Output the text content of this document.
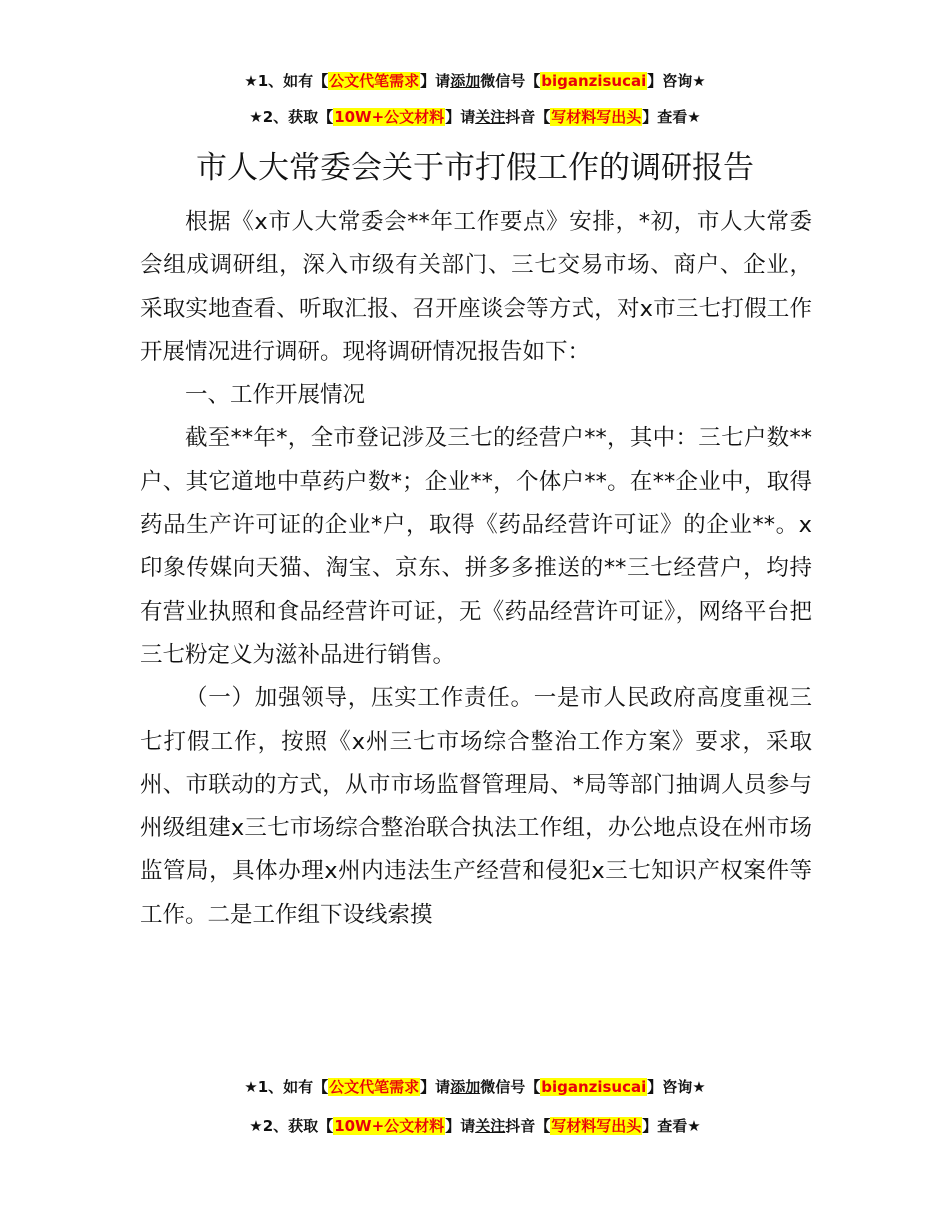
★1、如有【公文代笔需求】请添加微信号【biganzisucai】咨询★
★2、获取【10W+公文材料】请关注抖音【写材料写出头】查看★
市人大常委会关于市打假工作的调研报告

根据《x市人大常委会**年工作要点》安排，*初，市人大常委会组成调研组，深入市级有关部门、三七交易市场、商户、企业，采取实地查看、听取汇报、召开座谈会等方式，对x市三七打假工作开展情况进行调研。现将调研情况报告如下：

一、工作开展情况

截至**年*，全市登记涉及三七的经营户**，其中：三七户数**户、其它道地中草药户数*；企业**，个体户**。在**企业中，取得药品生产许可证的企业*户，取得《药品经营许可证》的企业**。x印象传媒向天猫、淘宝、京东、拼多多推送的**三七经营户，均持有营业执照和食品经营许可证，无《药品经营许可证》，网络平台把三七粉定义为滋补品进行销售。

（一）加强领导，压实工作责任。一是市人民政府高度重视三七打假工作，按照《x州三七市场综合整治工作方案》要求，采取州、市联动的方式，从市市场监督管理局、*局等部门抽调人员参与州级组建x三七市场综合整治联合执法工作组，办公地点设在州市场监管局，具体办理x州内违法生产经营和侵犯x三七知识产权案件等工作。二是工作组下设线索摸

★1、如有【公文代笔需求】请添加微信号【biganzisucai】咨询★
★2、获取【10W+公文材料】请关注抖音【写材料写出头】查看★
